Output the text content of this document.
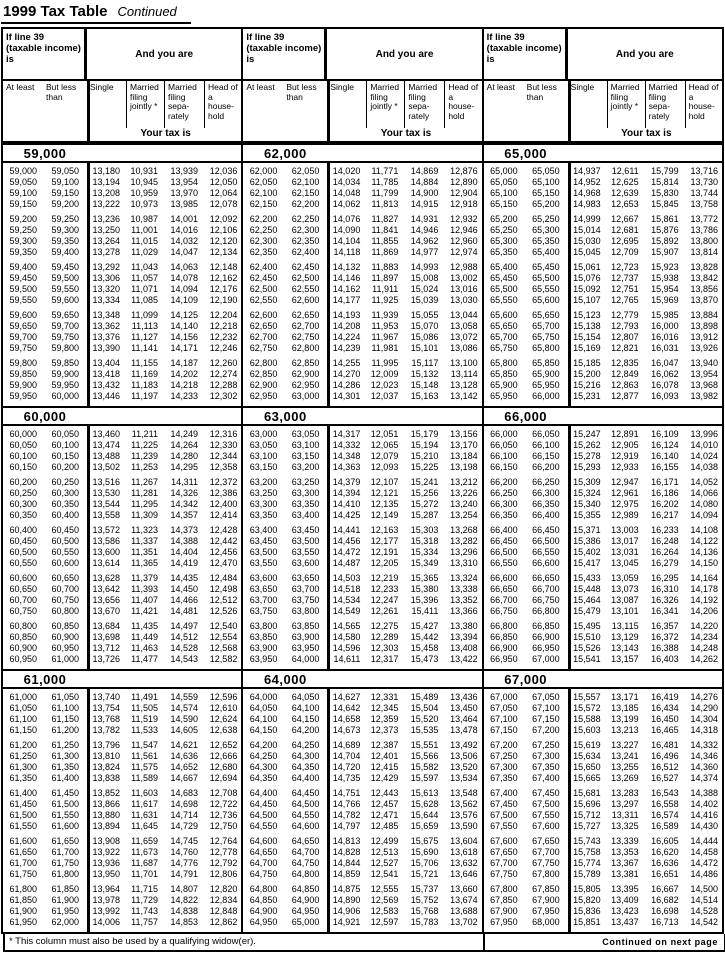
1999 Tax Table Continued
If line 39 (taxable income) is	And you are
At least	But less than
Single	Married filing jointly *
Married filing sepa- rately
Head of a house- hold
Your tax is
59,000
59,000	59,050	13,180	10,931	13,939	12,036
59,050	59,100	13,194	10,945	13,954	12,050
59,100	59,150	13,208	10,959	13,970	12,064
59,150	59,200	13,222	10,973	13,985	12,078
59,200	59,250	13,236	10,987	14,001	12,092
59,250	59,300	13,250	11,001	14,016	12,106
59,300	59,350	13,264	11,015	14,032	12,120
59,350	59,400	13,278	11,029	14,047	12,134
59,400	59,450	13,292	11,043	14,063	12,148
59,450	59,500	13,306	11,057	14,078	12,162
59,500	59,550	13,320	11,071	14,094	12,176
59,550	59,600	13,334	11,085	14,109	12,190
59,600	59,650	13,348	11,099	14,125	12,204
59,650	59,700	13,362	11,113	14,140	12,218
59,700	59,750	13,376	11,127	14,156	12,232
59,750	59,800	13,390	11,141	14,171	12,246
59,800	59,850	13,404	11,155	14,187	12,260
59,850	59,900	13,418	11,169	14,202	12,274
59,900	59,950	13,432	11,183	14,218	12,288
59,950	60,000	13,446	11,197	14,233	12,302
60,000
60,000	60,050	13,460	11,211	14,249	12,316
60,050	60,100	13,474	11,225	14,264	12,330
60,100	60,150	13,488	11,239	14,280	12,344
60,150	60,200	13,502	11,253	14,295	12,358
60,200	60,250	13,516	11,267	14,311	12,372
60,250	60,300	13,530	11,281	14,326	12,386
60,300	60,350	13,544	11,295	14,342	12,400
60,350	60,400	13,558	11,309	14,357	12,414
60,400	60,450	13,572	11,323	14,373	12,428
60,450	60,500	13,586	11,337	14,388	12,442
60,500	60,550	13,600	11,351	14,404	12,456
60,550	60,600	13,614	11,365	14,419	12,470
60,600	60,650	13,628	11,379	14,435	12,484
60,650	60,700	13,642	11,393	14,450	12,498
60,700	60,750	13,656	11,407	14,466	12,512
60,750	60,800	13,670	11,421	14,481	12,526
60,800	60,850	13,684	11,435	14,497	12,540
60,850	60,900	13,698	11,449	14,512	12,554
60,900	60,950	13,712	11,463	14,528	12,568
60,950	61,000	13,726	11,477	14,543	12,582
61,000
61,000	61,050	13,740	11,491	14,559	12,596
61,050	61,100	13,754	11,505	14,574	12,610
61,100	61,150	13,768	11,519	14,590	12,624
61,150	61,200	13,782	11,533	14,605	12,638
61,200	61,250	13,796	11,547	14,621	12,652
61,250	61,300	13,810	11,561	14,636	12,666
61,300	61,350	13,824	11,575	14,652	12,680
61,350	61,400	13,838	11,589	14,667	12,694
61,400	61,450	13,852	11,603	14,683	12,708
61,450	61,500	13,866	11,617	14,698	12,722
61,500	61,550	13,880	11,631	14,714	12,736
61,550	61,600	13,894	11,645	14,729	12,750
61,600	61,650	13,908	11,659	14,745	12,764
61,650	61,700	13,922	11,673	14,760	12,778
61,700	61,750	13,936	11,687	14,776	12,792
61,750	61,800	13,950	11,701	14,791	12,806
61,800	61,850	13,964	11,715	14,807	12,820
61,850	61,900	13,978	11,729	14,822	12,834
61,900	61,950	13,992	11,743	14,838	12,848
61,950	62,000	14,006	11,757	14,853	12,862
If line 39 (taxable income) is	And you are
At least	But less than
Single	Married filing jointly *
Married filing sepa- rately
Head of a house- hold
Your tax is
62,000
62,000	62,050	14,020	11,771	14,869	12,876
62,050	62,100	14,034	11,785	14,884	12,890
62,100	62,150	14,048	11,799	14,900	12,904
62,150	62,200	14,062	11,813	14,915	12,918
62,200	62,250	14,076	11,827	14,931	12,932
62,250	62,300	14,090	11,841	14,946	12,946
62,300	62,350	14,104	11,855	14,962	12,960
62,350	62,400	14,118	11,869	14,977	12,974
62,400	62,450	14,132	11,883	14,993	12,988
62,450	62,500	14,146	11,897	15,008	13,002
62,500	62,550	14,162	11,911	15,024	13,016
62,550	62,600	14,177	11,925	15,039	13,030
62,600	62,650	14,193	11,939	15,055	13,044
62,650	62,700	14,208	11,953	15,070	13,058
62,700	62,750	14,224	11,967	15,086	13,072
62,750	62,800	14,239	11,981	15,101	13,086
62,800	62,850	14,255	11,995	15,117	13,100
62,850	62,900	14,270	12,009	15,132	13,114
62,900	62,950	14,286	12,023	15,148	13,128
62,950	63,000	14,301	12,037	15,163	13,142
63,000
63,000	63,050	14,317	12,051	15,179	13,156
63,050	63,100	14,332	12,065	15,194	13,170
63,100	63,150	14,348	12,079	15,210	13,184
63,150	63,200	14,363	12,093	15,225	13,198
63,200	63,250	14,379	12,107	15,241	13,212
63,250	63,300	14,394	12,121	15,256	13,226
63,300	63,350	14,410	12,135	15,272	13,240
63,350	63,400	14,425	12,149	15,287	13,254
63,400	63,450	14,441	12,163	15,303	13,268
63,450	63,500	14,456	12,177	15,318	13,282
63,500	63,550	14,472	12,191	15,334	13,296
63,550	63,600	14,487	12,205	15,349	13,310
63,600	63,650	14,503	12,219	15,365	13,324
63,650	63,700	14,518	12,233	15,380	13,338
63,700	63,750	14,534	12,247	15,396	13,352
63,750	63,800	14,549	12,261	15,411	13,366
63,800	63,850	14,565	12,275	15,427	13,380
63,850	63,900	14,580	12,289	15,442	13,394
63,900	63,950	14,596	12,303	15,458	13,408
63,950	64,000	14,611	12,317	15,473	13,422
64,000
64,000	64,050	14,627	12,331	15,489	13,436
64,050	64,100	14,642	12,345	15,504	13,450
64,100	64,150	14,658	12,359	15,520	13,464
64,150	64,200	14,673	12,373	15,535	13,478
64,200	64,250	14,689	12,387	15,551	13,492
64,250	64,300	14,704	12,401	15,566	13,506
64,300	64,350	14,720	12,415	15,582	13,520
64,350	64,400	14,735	12,429	15,597	13,534
64,400	64,450	14,751	12,443	15,613	13,548
64,450	64,500	14,766	12,457	15,628	13,562
64,500	64,550	14,782	12,471	15,644	13,576
64,550	64,600	14,797	12,485	15,659	13,590
64,600	64,650	14,813	12,499	15,675	13,604
64,650	64,700	14,828	12,513	15,690	13,618
64,700	64,750	14,844	12,527	15,706	13,632
64,750	64,800	14,859	12,541	15,721	13,646
64,800	64,850	14,875	12,555	15,737	13,660
64,850	64,900	14,890	12,569	15,752	13,674
64,900	64,950	14,906	12,583	15,768	13,688
64,950	65,000	14,921	12,597	15,783	13,702
If line 39 (taxable income) is	And you are
At least	But less than
Single	Married filing jointly *
Married filing sepa- rately
Head of a house- hold
Your tax is
65,000
65,000	65,050	14,937	12,611	15,799	13,716
65,050	65,100	14,952	12,625	15,814	13,730
65,100	65,150	14,968	12,639	15,830	13,744
65,150	65,200	14,983	12,653	15,845	13,758
65,200	65,250	14,999	12,667	15,861	13,772
65,250	65,300	15,014	12,681	15,876	13,786
65,300	65,350	15,030	12,695	15,892	13,800
65,350	65,400	15,045	12,709	15,907	13,814
65,400	65,450	15,061	12,723	15,923	13,828
65,450	65,500	15,076	12,737	15,938	13,842
65,500	65,550	15,092	12,751	15,954	13,856
65,550	65,600	15,107	12,765	15,969	13,870
65,600	65,650	15,123	12,779	15,985	13,884
65,650	65,700	15,138	12,793	16,000	13,898
65,700	65,750	15,154	12,807	16,016	13,912
65,750	65,800	15,169	12,821	16,031	13,926
65,800	65,850	15,185	12,835	16,047	13,940
65,850	65,900	15,200	12,849	16,062	13,954
65,900	65,950	15,216	12,863	16,078	13,968
65,950	66,000	15,231	12,877	16,093	13,982
66,000
66,000	66,050	15,247	12,891	16,109	13,996
66,050	66,100	15,262	12,905	16,124	14,010
66,100	66,150	15,278	12,919	16,140	14,024
66,150	66,200	15,293	12,933	16,155	14,038
66,200	66,250	15,309	12,947	16,171	14,052
66,250	66,300	15,324	12,961	16,186	14,066
66,300	66,350	15,340	12,975	16,202	14,080
66,350	66,400	15,355	12,989	16,217	14,094
66,400	66,450	15,371	13,003	16,233	14,108
66,450	66,500	15,386	13,017	16,248	14,122
66,500	66,550	15,402	13,031	16,264	14,136
66,550	66,600	15,417	13,045	16,279	14,150
66,600	66,650	15,433	13,059	16,295	14,164
66,650	66,700	15,448	13,073	16,310	14,178
66,700	66,750	15,464	13,087	16,326	14,192
66,750	66,800	15,479	13,101	16,341	14,206
66,800	66,850	15,495	13,115	16,357	14,220
66,850	66,900	15,510	13,129	16,372	14,234
66,900	66,950	15,526	13,143	16,388	14,248
66,950	67,000	15,541	13,157	16,403	14,262
67,000
67,000	67,050	15,557	13,171	16,419	14,276
67,050	67,100	15,572	13,185	16,434	14,290
67,100	67,150	15,588	13,199	16,450	14,304
67,150	67,200	15,603	13,213	16,465	14,318
67,200	67,250	15,619	13,227	16,481	14,332
67,250	67,300	15,634	13,241	16,496	14,346
67,300	67,350	15,650	13,255	16,512	14,360
67,350	67,400	15,665	13,269	16,527	14,374
67,400	67,450	15,681	13,283	16,543	14,388
67,450	67,500	15,696	13,297	16,558	14,402
67,500	67,550	15,712	13,311	16,574	14,416
67,550	67,600	15,727	13,325	16,589	14,430
67,600	67,650	15,743	13,339	16,605	14,444
67,650	67,700	15,758	13,353	16,620	14,458
67,700	67,750	15,774	13,367	16,636	14,472
67,750	67,800	15,789	13,381	16,651	14,486
67,800	67,850	15,805	13,395	16,667	14,500
67,850	67,900	15,820	13,409	16,682	14,514
67,900	67,950	15,836	13,423	16,698	14,528
67,950	68,000	15,851	13,437	16,713	14,542
* This column must also be used by a qualifying widow(er).	Continued on next page
